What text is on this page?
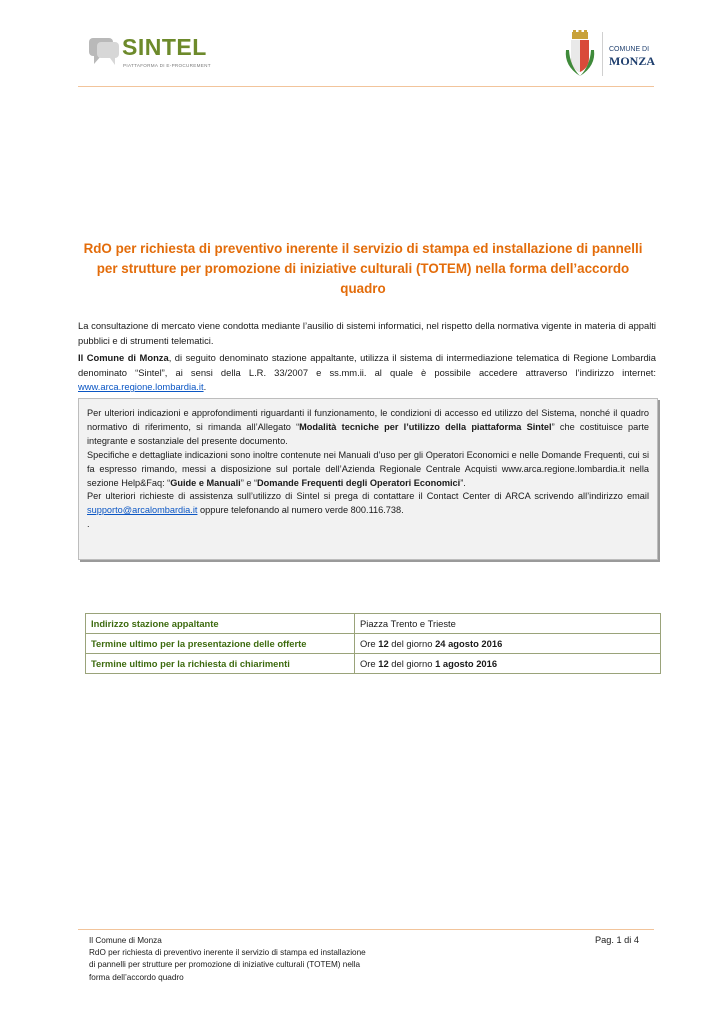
SINTEL
PIATTAFORMA DI E-PROCUREMENT
COMUNE DI
MONZA
RdO per richiesta di preventivo inerente il servizio di stampa ed installazione di pannelli per strutture per promozione di iniziative culturali (TOTEM) nella forma dell’accordo quadro
La consultazione di mercato viene condotta mediante l’ausilio di sistemi informatici, nel rispetto della normativa vigente in materia di appalti pubblici e di strumenti telematici.
Il Comune di Monza, di seguito denominato stazione appaltante, utilizza il sistema di intermediazione telematica di Regione Lombardia denominato “Sintel”, ai sensi della L.R. 33/2007 e ss.mm.ii. al quale è possibile accedere attraverso l’indirizzo internet: www.arca.regione.lombardia.it.

Per ulteriori indicazioni e approfondimenti riguardanti il funzionamento, le condizioni di accesso ed utilizzo del Sistema, nonché il quadro normativo di riferimento, si rimanda all’Allegato “Modalità tecniche per l’utilizzo della piattaforma Sintel” che costituisce parte integrante e sostanziale del presente documento.

Specifiche e dettagliate indicazioni sono inoltre contenute nei Manuali d’uso per gli Operatori Economici e nelle Domande Frequenti, cui si fa espresso rimando, messi a disposizione sul portale dell’Azienda Regionale Centrale Acquisti www.arca.regione.lombardia.it nella sezione Help&Faq: “Guide e Manuali” e “Domande Frequenti degli Operatori Economici”.

Per ulteriori richieste di assistenza sull’utilizzo di Sintel si prega di contattare il Contact Center di ARCA scrivendo all’indirizzo email supporto@arcalombardia.it oppure telefonando al numero verde 800.116.738.

.

Indirizzo stazione appaltante	Piazza Trento e Trieste
Termine ultimo per la presentazione delle offerte	Ore 12 del giorno 24 agosto 2016
Termine ultimo per la richiesta di chiarimenti	Ore 12 del giorno 1 agosto 2016
Il Comune di Monza
RdO per richiesta di preventivo inerente il servizio di stampa ed installazione
di pannelli per strutture per promozione di iniziative culturali (TOTEM) nella
forma dell’accordo quadro
Pag. 1 di 4
